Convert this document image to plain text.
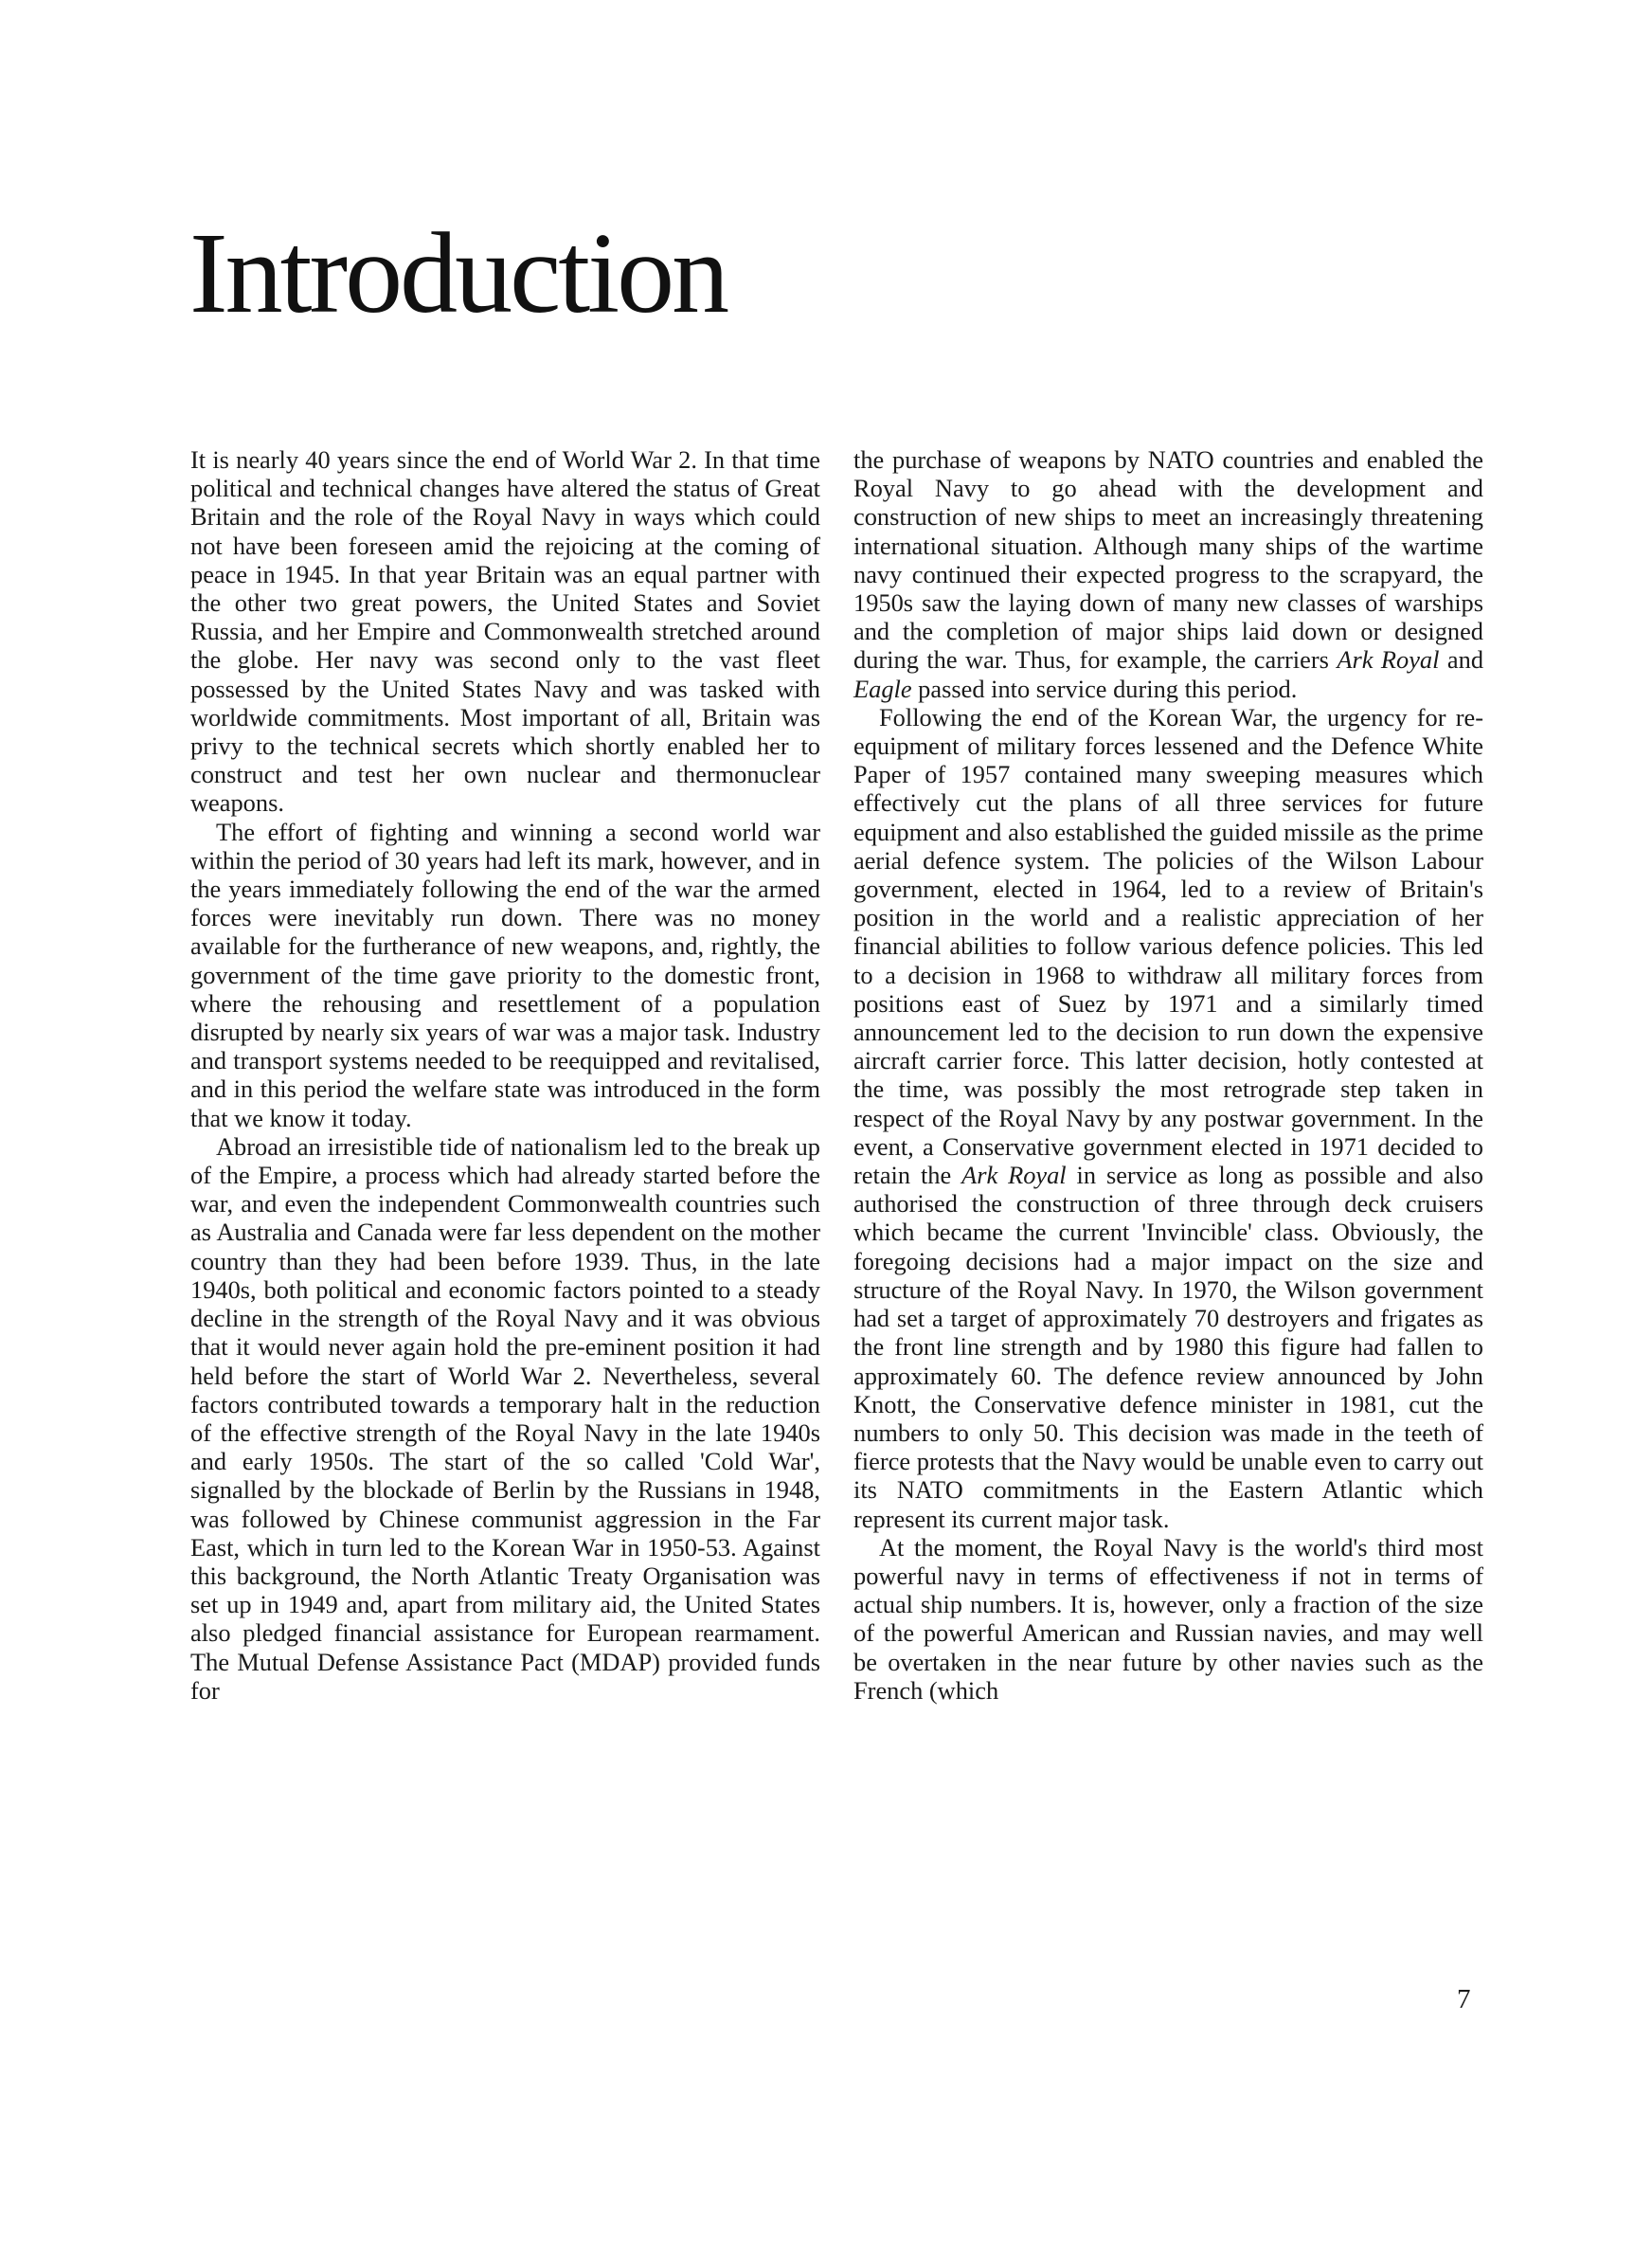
Introduction

It is nearly 40 years since the end of World War 2. In that time political and technical changes have altered the status of Great Britain and the role of the Royal Navy in ways which could not have been foreseen amid the rejoicing at the coming of peace in 1945. In that year Britain was an equal partner with the other two great powers, the United States and Soviet Russia, and her Empire and Commonwealth stretched around the globe. Her navy was second only to the vast fleet possessed by the United States Navy and was tasked with worldwide commitments. Most important of all, Britain was privy to the technical secrets which shortly enabled her to construct and test her own nuclear and thermonuclear weapons.

The effort of fighting and winning a second world war within the period of 30 years had left its mark, however, and in the years immediately following the end of the war the armed forces were inevitably run down. There was no money available for the furtherance of new weapons, and, rightly, the government of the time gave priority to the domestic front, where the rehousing and resettlement of a population disrupted by nearly six years of war was a major task. Industry and transport systems needed to be reequipped and revitalised, and in this period the welfare state was introduced in the form that we know it today.

Abroad an irresistible tide of nationalism led to the break up of the Empire, a process which had already started before the war, and even the independent Commonwealth countries such as Australia and Canada were far less dependent on the mother country than they had been before 1939. Thus, in the late 1940s, both political and economic factors pointed to a steady decline in the strength of the Royal Navy and it was obvious that it would never again hold the pre-eminent position it had held before the start of World War 2. Nevertheless, several factors contributed towards a temporary halt in the reduction of the effective strength of the Royal Navy in the late 1940s and early 1950s. The start of the so called 'Cold War', signalled by the blockade of Berlin by the Russians in 1948, was followed by Chinese communist aggression in the Far East, which in turn led to the Korean War in 1950-53. Against this background, the North Atlantic Treaty Organisation was set up in 1949 and, apart from military aid, the United States also pledged financial assistance for European rearmament. The Mutual Defense Assistance Pact (MDAP) provided funds for

the purchase of weapons by NATO countries and enabled the Royal Navy to go ahead with the development and construction of new ships to meet an increasingly threatening international situation. Although many ships of the wartime navy continued their expected progress to the scrapyard, the 1950s saw the laying down of many new classes of warships and the completion of major ships laid down or designed during the war. Thus, for example, the carriers Ark Royal and Eagle passed into service during this period.

Following the end of the Korean War, the urgency for re-equipment of military forces lessened and the Defence White Paper of 1957 contained many sweeping measures which effectively cut the plans of all three services for future equipment and also established the guided missile as the prime aerial defence system. The policies of the Wilson Labour government, elected in 1964, led to a review of Britain's position in the world and a realistic appreciation of her financial abilities to follow various defence policies. This led to a decision in 1968 to withdraw all military forces from positions east of Suez by 1971 and a similarly timed announcement led to the decision to run down the expensive aircraft carrier force. This latter decision, hotly contested at the time, was possibly the most retrograde step taken in respect of the Royal Navy by any postwar government. In the event, a Conservative government elected in 1971 decided to retain the Ark Royal in service as long as possible and also authorised the construction of three through deck cruisers which became the current 'Invincible' class. Obviously, the foregoing decisions had a major impact on the size and structure of the Royal Navy. In 1970, the Wilson government had set a target of approximately 70 destroyers and frigates as the front line strength and by 1980 this figure had fallen to approximately 60. The defence review announced by John Knott, the Conservative defence minister in 1981, cut the numbers to only 50. This decision was made in the teeth of fierce protests that the Navy would be unable even to carry out its NATO commitments in the Eastern Atlantic which represent its current major task.

At the moment, the Royal Navy is the world's third most powerful navy in terms of effectiveness if not in terms of actual ship numbers. It is, however, only a fraction of the size of the powerful American and Russian navies, and may well be overtaken in the near future by other navies such as the French (which

7
